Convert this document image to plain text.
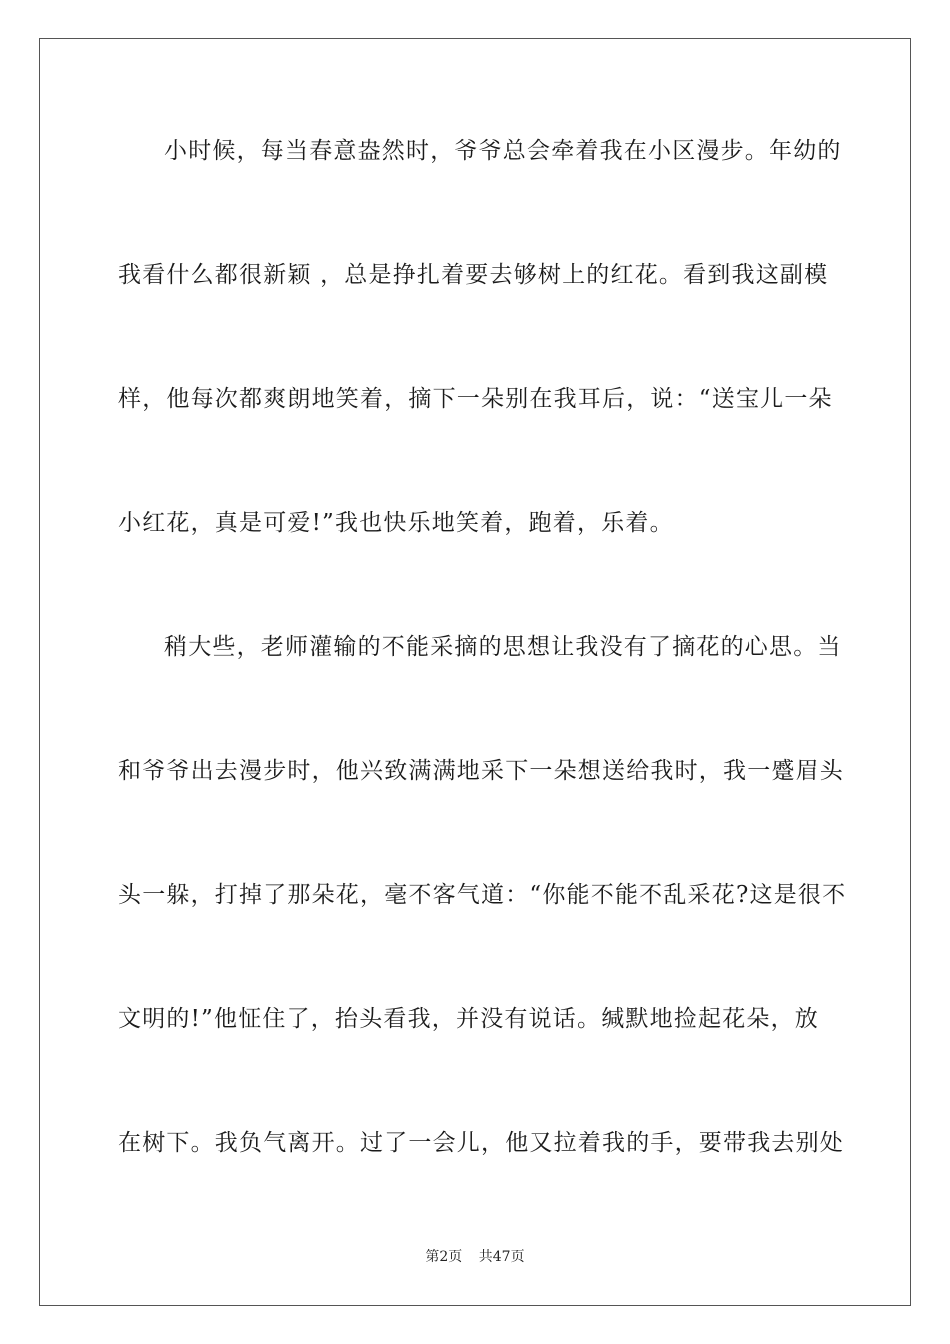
小时候，每当春意盎然时，爷爷总会牵着我在小区漫步。年幼的
我看什么都很新颖 ，总是挣扎着要去够树上的红花。看到我这副模
样，他每次都爽朗地笑着，摘下一朵别在我耳后，说：“送宝儿一朵
小红花，真是可爱!”我也快乐地笑着，跑着，乐着。
稍大些，老师灌输的不能采摘的思想让我没有了摘花的心思。当
和爷爷出去漫步时，他兴致满满地采下一朵想送给我时，我一蹙眉头
头一躲，打掉了那朵花，毫不客气道：“你能不能不乱采花?这是很不
文明的!”他怔住了，抬头看我，并没有说话。缄默地捡起花朵，放
在树下。我负气离开。过了一会儿，他又拉着我的手，要带我去别处
第2页 共47页
